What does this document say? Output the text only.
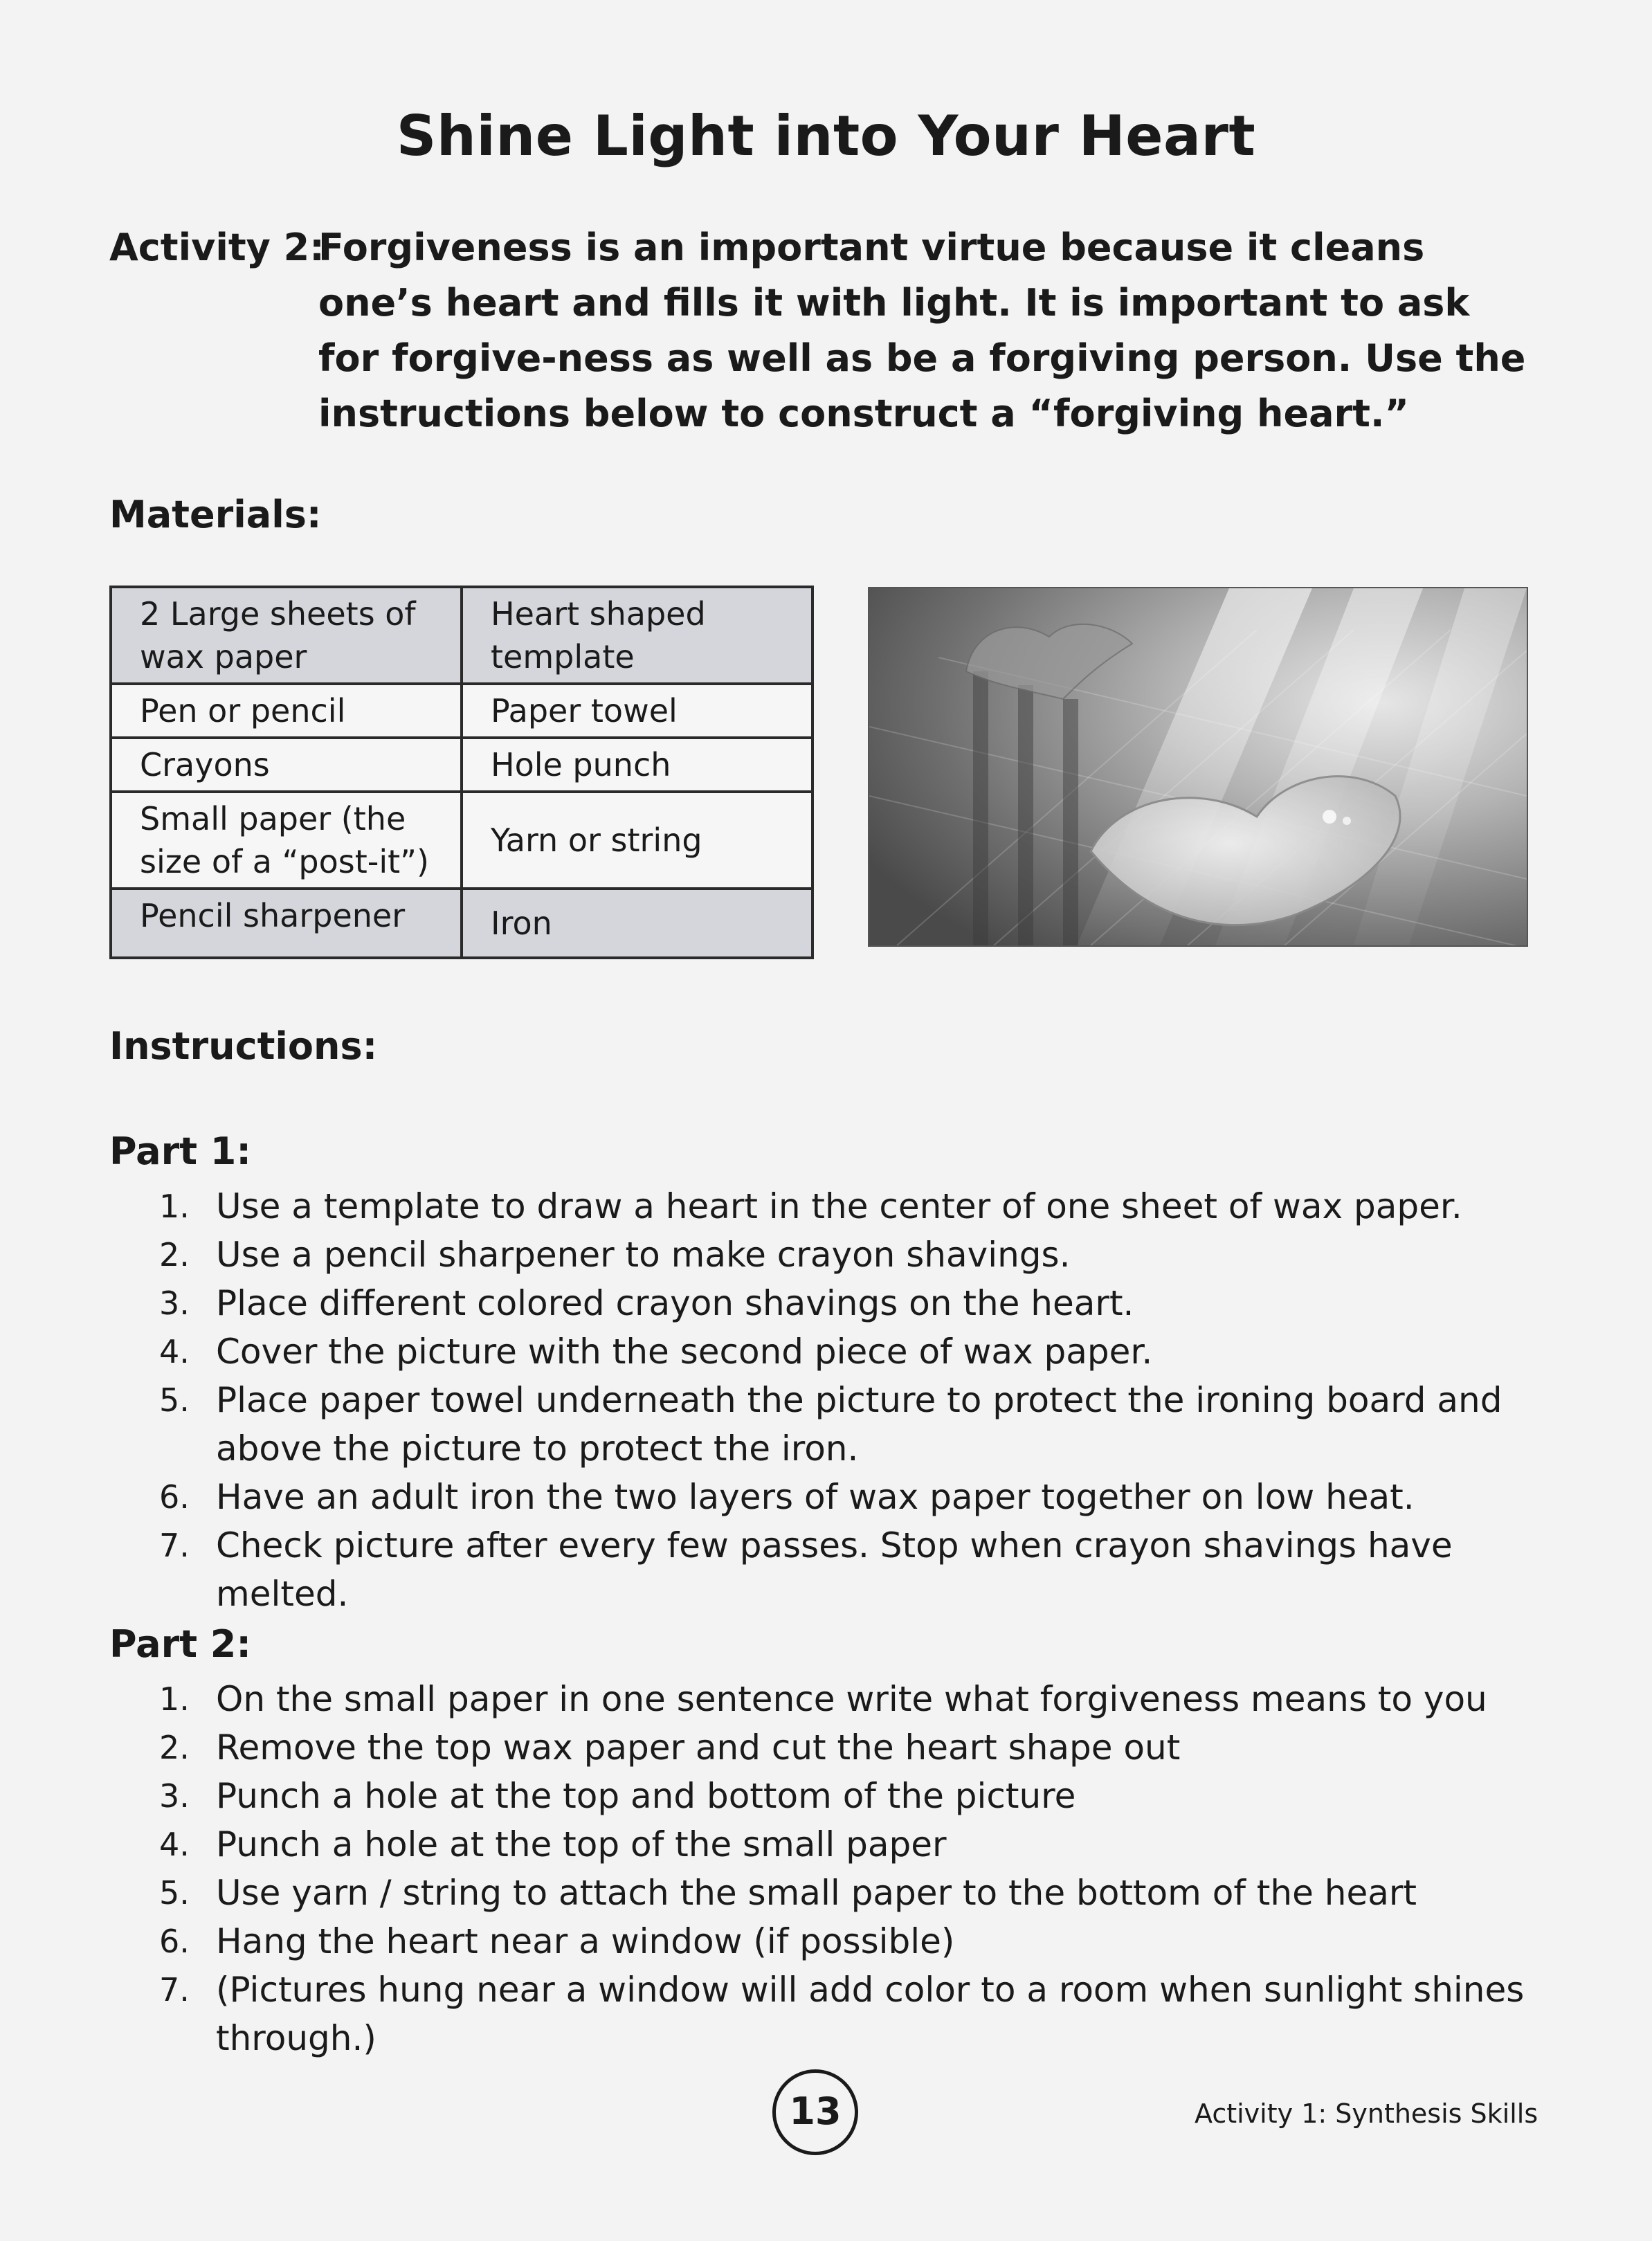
Shine Light into Your Heart
Activity 2:
Forgiveness is an important virtue because it cleans one’s heart and fills it with light. It is important to ask for forgive-ness as well as be a forgiving person. Use the instructions below to construct a “forgiving heart.”
Materials:
2 Large sheets of wax paper	Heart shaped template
Pen or pencil	Paper towel
Crayons	Hole punch
Small paper (the size of a “post-it”)	Yarn or string
Pencil sharpener	Iron
Instructions:
Part 1:
1. Use a template to draw a heart in the center of one sheet of wax paper.
2. Use a pencil sharpener to make crayon shavings.
3. Place different colored crayon shavings on the heart.
4. Cover the picture with the second piece of wax paper.
5. Place paper towel underneath the picture to protect the ironing board and above the picture to protect the iron.
6. Have an adult iron the two layers of wax paper together on low heat.
7. Check picture after every few passes. Stop when crayon shavings have melted.
Part 2:
1. On the small paper in one sentence write what forgiveness means to you
2. Remove the top wax paper and cut the heart shape out
3. Punch a hole at the top and bottom of the picture
4. Punch a hole at the top of the small paper
5. Use yarn / string to attach the small paper to the bottom of the heart
6. Hang the heart near a window (if possible)
7. (Pictures hung near a window will add color to a room when sunlight shines through.)
13	Activity 1: Synthesis Skills
